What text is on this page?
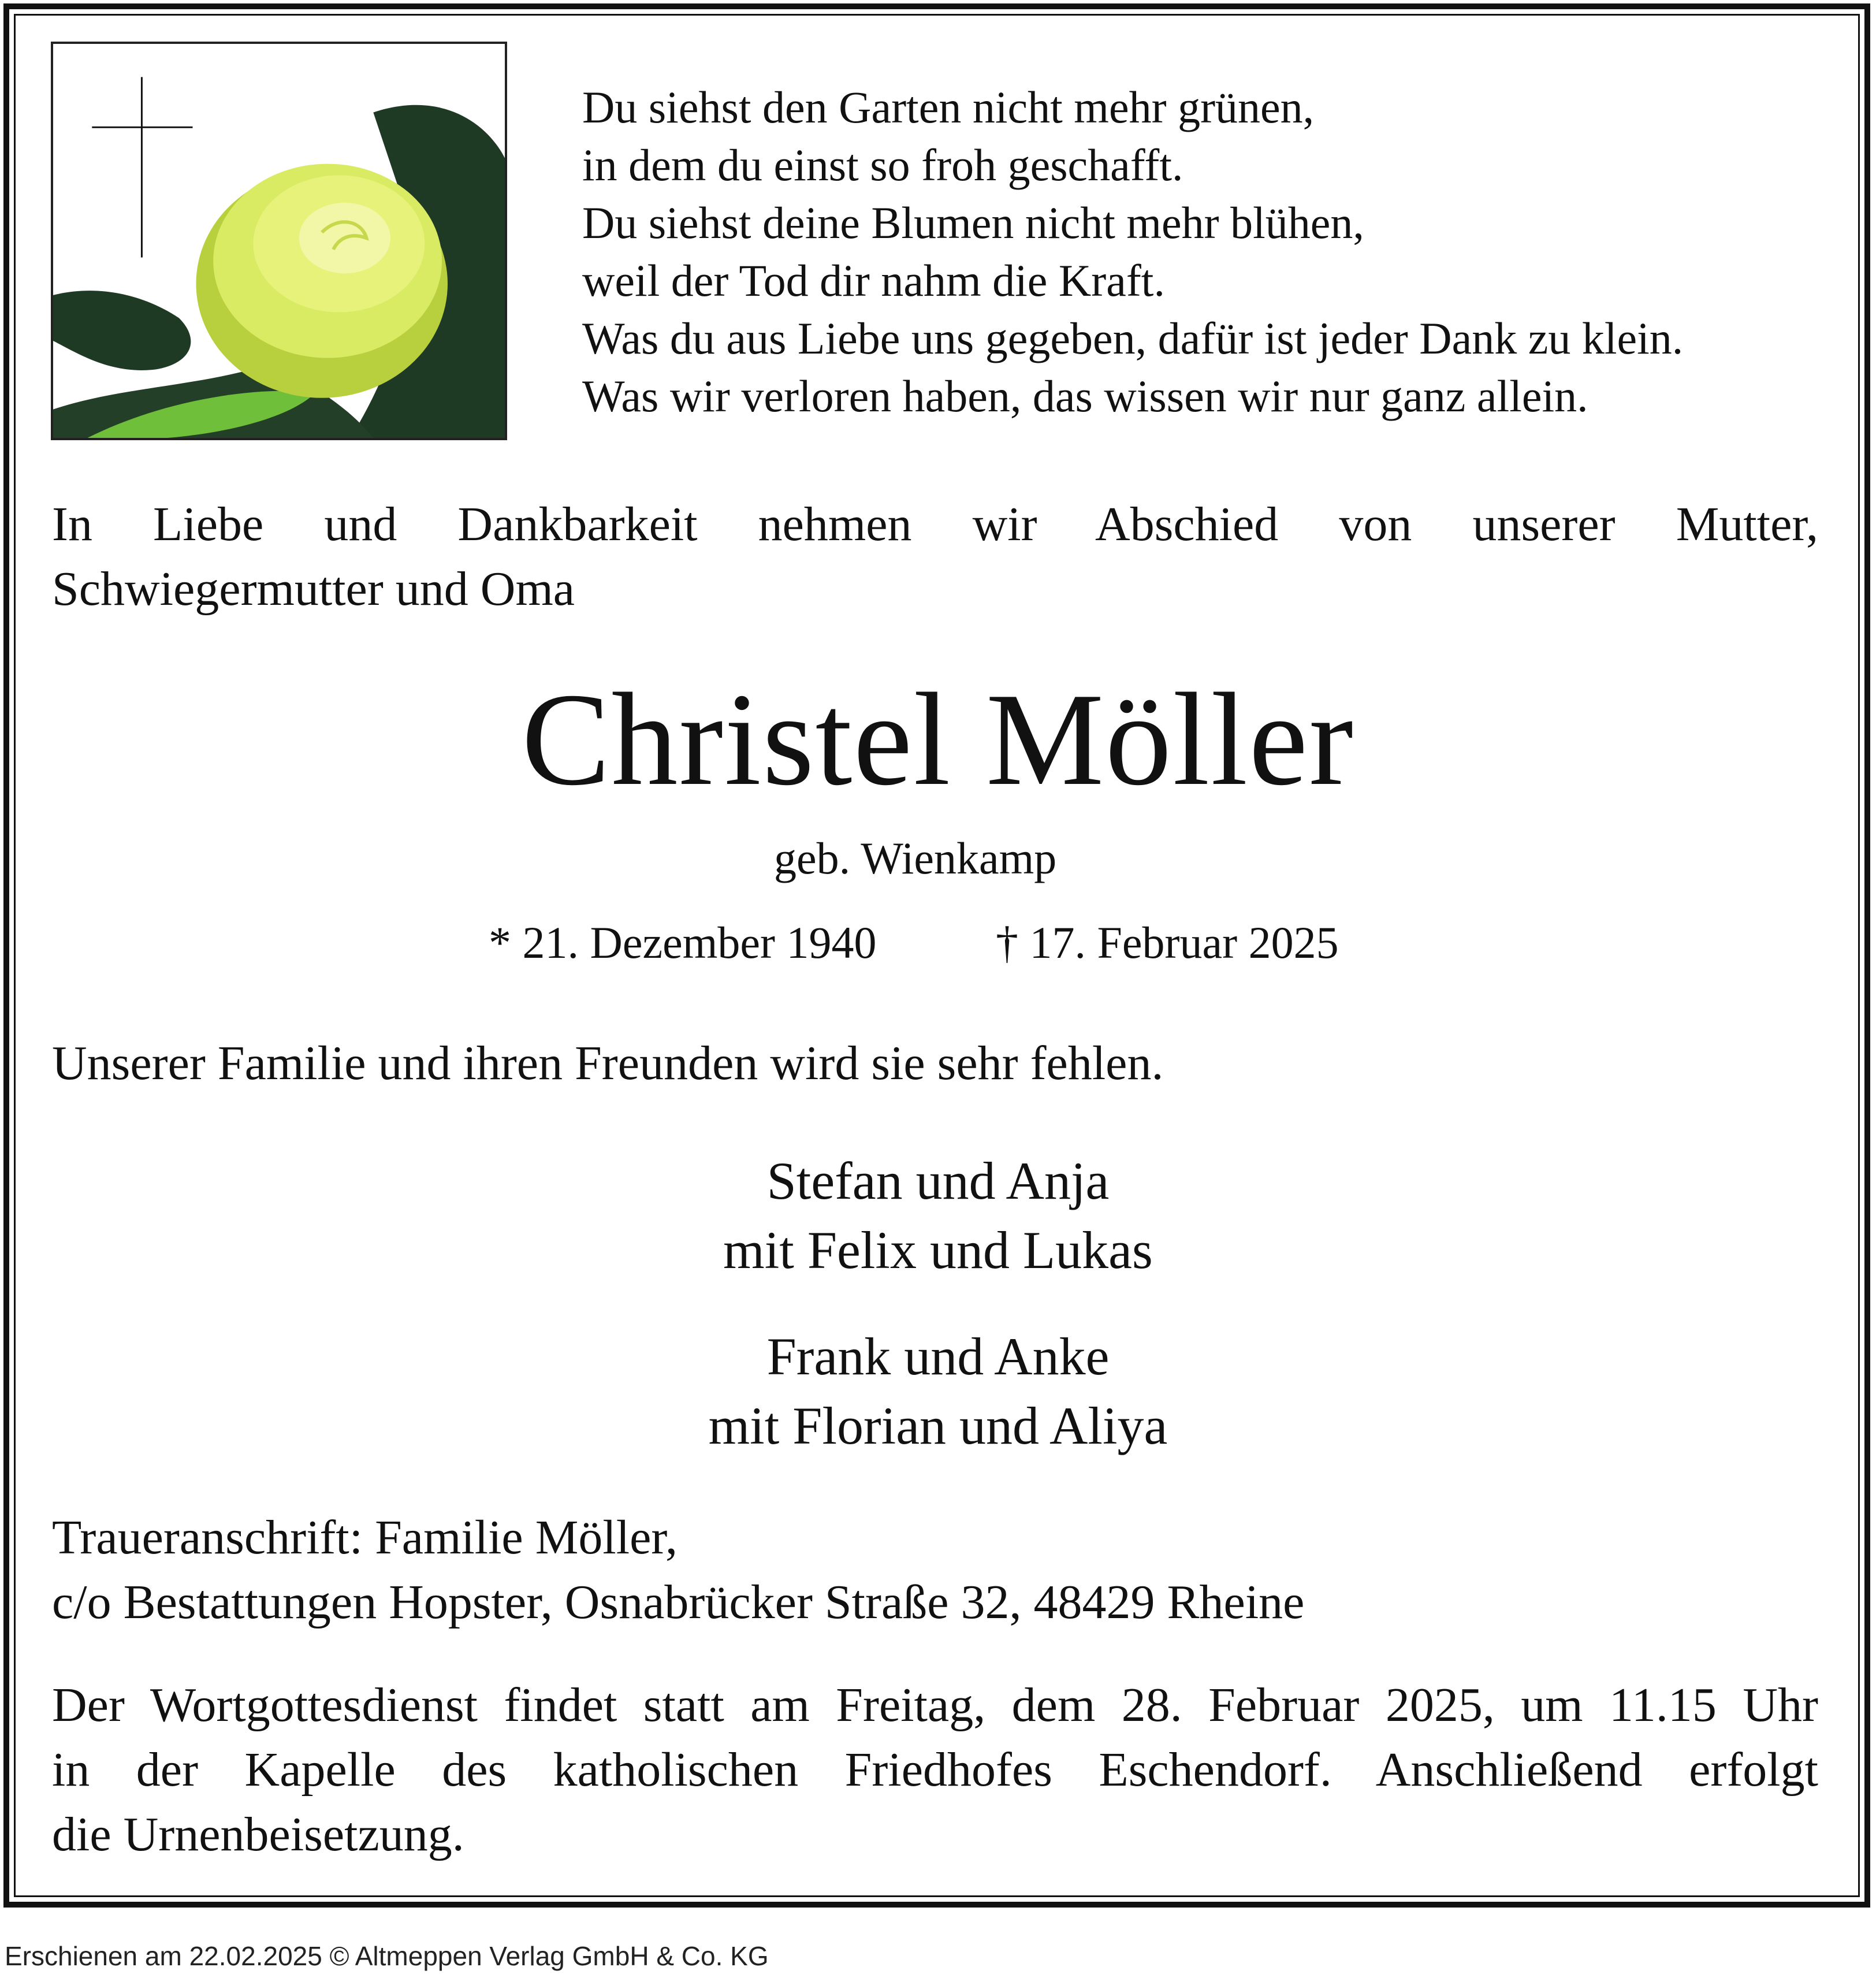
Du siehst den Garten nicht mehr grünen,
in dem du einst so froh geschafft.
Du siehst deine Blumen nicht mehr blühen,
weil der Tod dir nahm die Kraft.
Was du aus Liebe uns gegeben, dafür ist jeder Dank zu klein.
Was wir verloren haben, das wissen wir nur ganz allein.
In Liebe und Dankbarkeit nehmen wir Abschied von unserer Mutter,
Schwiegermutter und Oma
Christel Möller
geb. Wienkamp
* 21. Dezember 1940	† 17. Februar 2025
Unserer Familie und ihren Freunden wird sie sehr fehlen.
Stefan und Anja
mit Felix und Lukas
Frank und Anke
mit Florian und Aliya
Traueranschrift: Familie Möller,
c/o Bestattungen Hopster, Osnabrücker Straße 32, 48429 Rheine
Der Wortgottesdienst findet statt am Freitag, dem 28. Februar 2025, um 11.15 Uhr
in der Kapelle des katholischen Friedhofes Eschendorf. Anschließend erfolgt
die Urnenbeisetzung.
Erschienen am 22.02.2025 © Altmeppen Verlag GmbH & Co. KG
